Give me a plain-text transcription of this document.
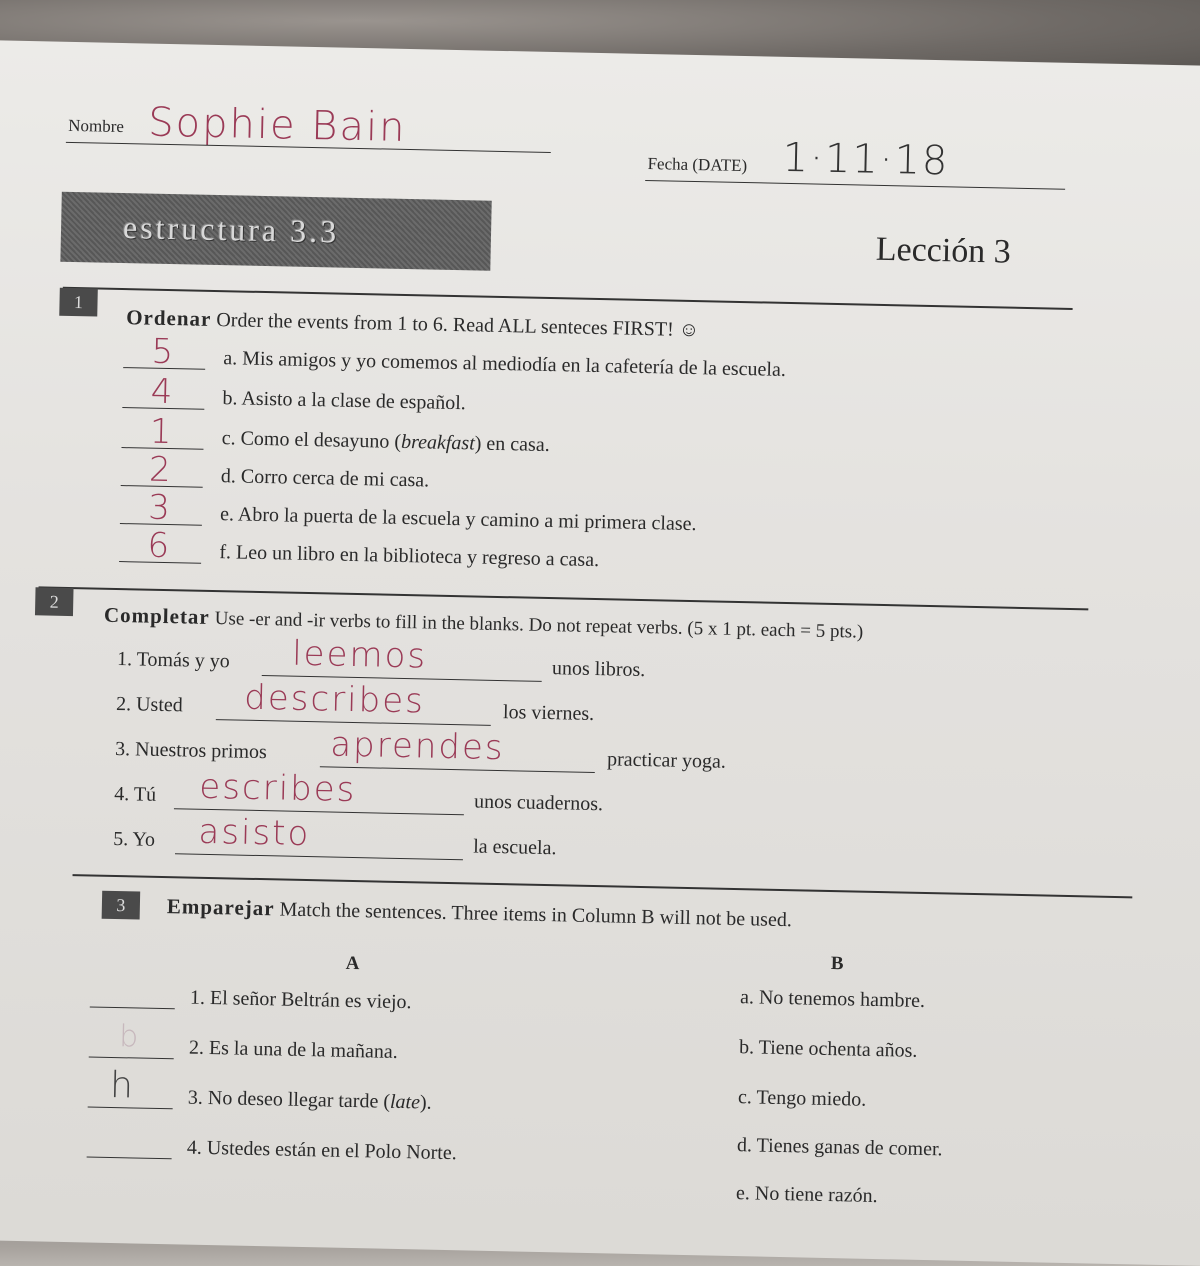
Nombre Sophie Bain
Fecha (DATE) 1·11·18
estructura 3.3
Lección 3
1
Ordenar Order the events from 1 to 6. Read ALL senteces FIRST! ☺
5 a. Mis amigos y yo comemos al mediodía en la cafetería de la escuela.
4 b. Asisto a la clase de español.
1 c. Como el desayuno (breakfast) en casa.
2 d. Corro cerca de mi casa.
3 e. Abro la puerta de la escuela y camino a mi primera clase.
6 f. Leo un libro en la biblioteca y regreso a casa.
2
Completar Use -er and -ir verbs to fill in the blanks. Do not repeat verbs. (5 x 1 pt. each = 5 pts.)
1. Tomás y yo leemos	unos libros.
2. Usted describes	los viernes.
3. Nuestros primos aprendes	practicar yoga.
4. Tú escribes	unos cuadernos.
5. Yo asisto	la escuela.
3	Emparejar Match the sentences. Three items in Column B will not be used.
A	B
1. El señor Beltrán es viejo.
b 2. Es la una de la mañana.
h	3. No deseo llegar tarde (late).
4. Ustedes están en el Polo Norte.
a. No tenemos hambre.
b. Tiene ochenta años.
c. Tengo miedo.
d. Tienes ganas de comer.
e. No tiene razón.
